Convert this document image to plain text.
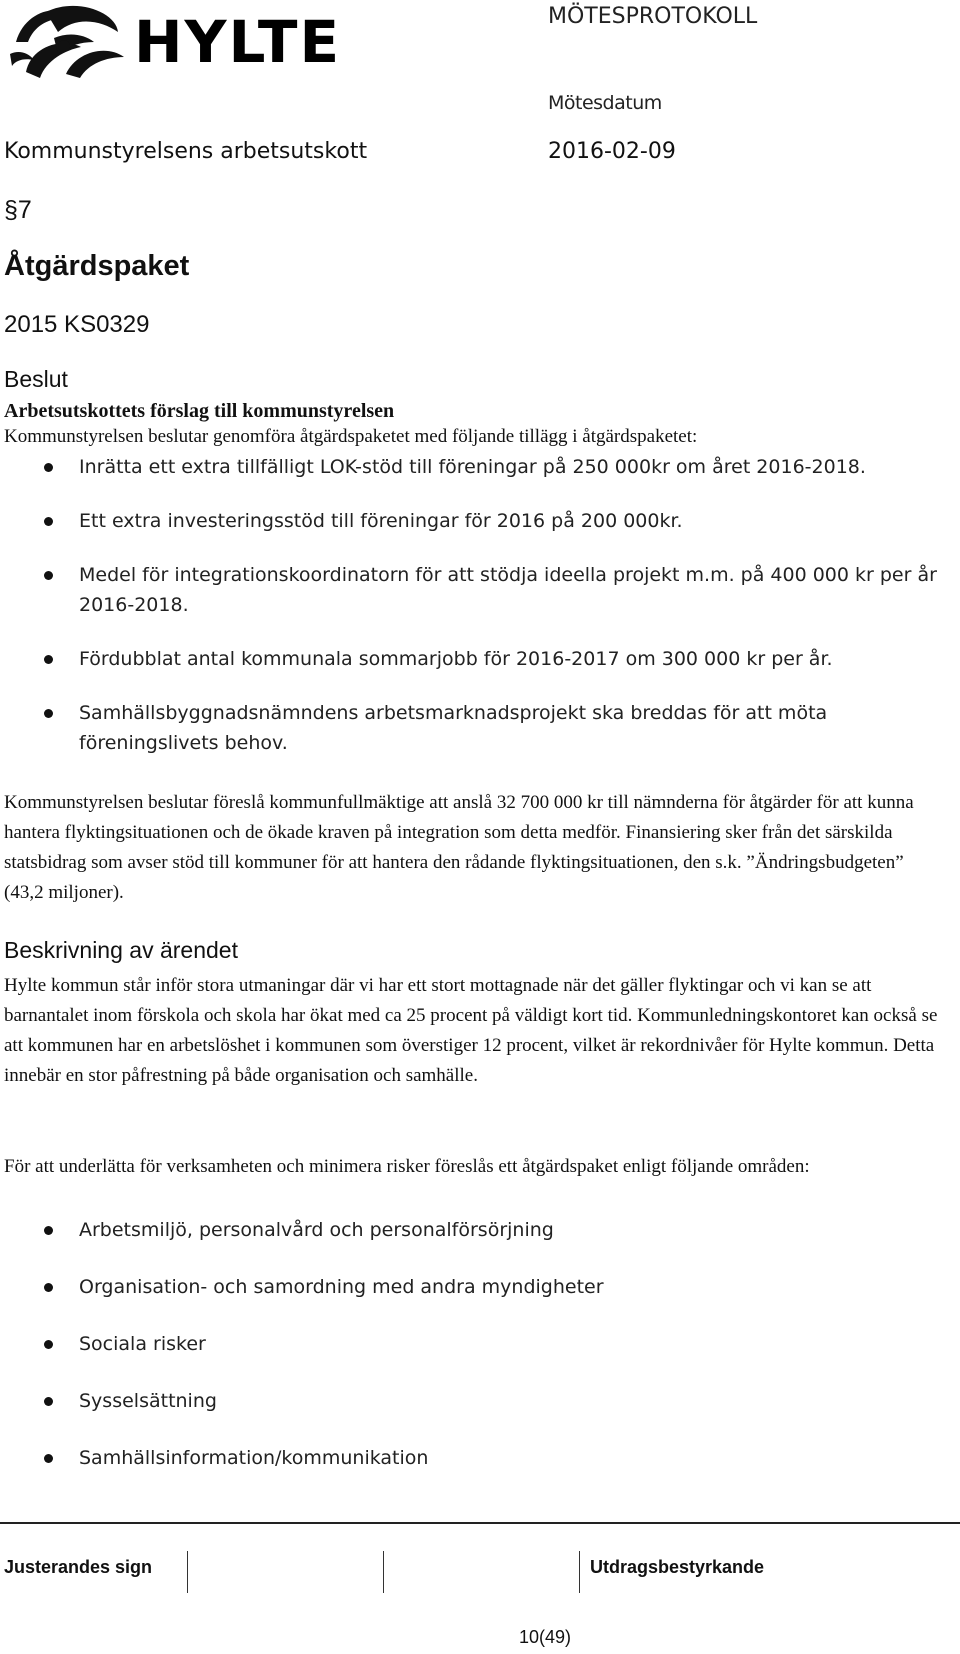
HYLTE	MÖTESPROTOKOLL
Mötesdatum
Kommunstyrelsens arbetsutskott	2016-02-09
§7
Åtgärdspaket
2015 KS0329
Beslut
Arbetsutskottets förslag till kommunstyrelsen
Kommunstyrelsen beslutar genomföra åtgärdspaketet med följande tillägg i åtgärdspaketet:
Inrätta ett extra tillfälligt LOK-stöd till föreningar på 250 000kr om året 2016-2018.
Ett extra investeringsstöd till föreningar för 2016 på 200 000kr.
Medel för integrationskoordinatorn för att stödja ideella projekt m.m. på 400 000 kr per år 2016-2018.
Fördubblat antal kommunala sommarjobb för 2016-2017 om 300 000 kr per år.
Samhällsbyggnadsnämndens arbetsmarknadsprojekt ska breddas för att möta föreningslivets behov.
Kommunstyrelsen beslutar föreslå kommunfullmäktige att anslå 32 700 000 kr till nämnderna för åtgärder för att kunna hantera flyktingsituationen och de ökade kraven på integration som detta medför. Finansiering sker från det särskilda statsbidrag som avser stöd till kommuner för att hantera den rådande flyktingsituationen, den s.k. ”Ändringsbudgeten” (43,2 miljoner).
Beskrivning av ärendet
Hylte kommun står inför stora utmaningar där vi har ett stort mottagnade när det gäller flyktingar och vi kan se att barnantalet inom förskola och skola har ökat med ca 25 procent på väldigt kort tid. Kommunledningskontoret kan också se att kommunen har en arbetslöshet i kommunen som överstiger 12 procent, vilket är rekordnivåer för Hylte kommun. Detta innebär en stor påfrestning på både organisation och samhälle.
För att underlätta för verksamheten och minimera risker föreslås ett åtgärdspaket enligt följande områden:
Arbetsmiljö, personalvård och personalförsörjning
Organisation- och samordning med andra myndigheter
Sociala risker
Sysselsättning
Samhällsinformation/kommunikation
Justerandes sign	Utdragsbestyrkande
10(49)
